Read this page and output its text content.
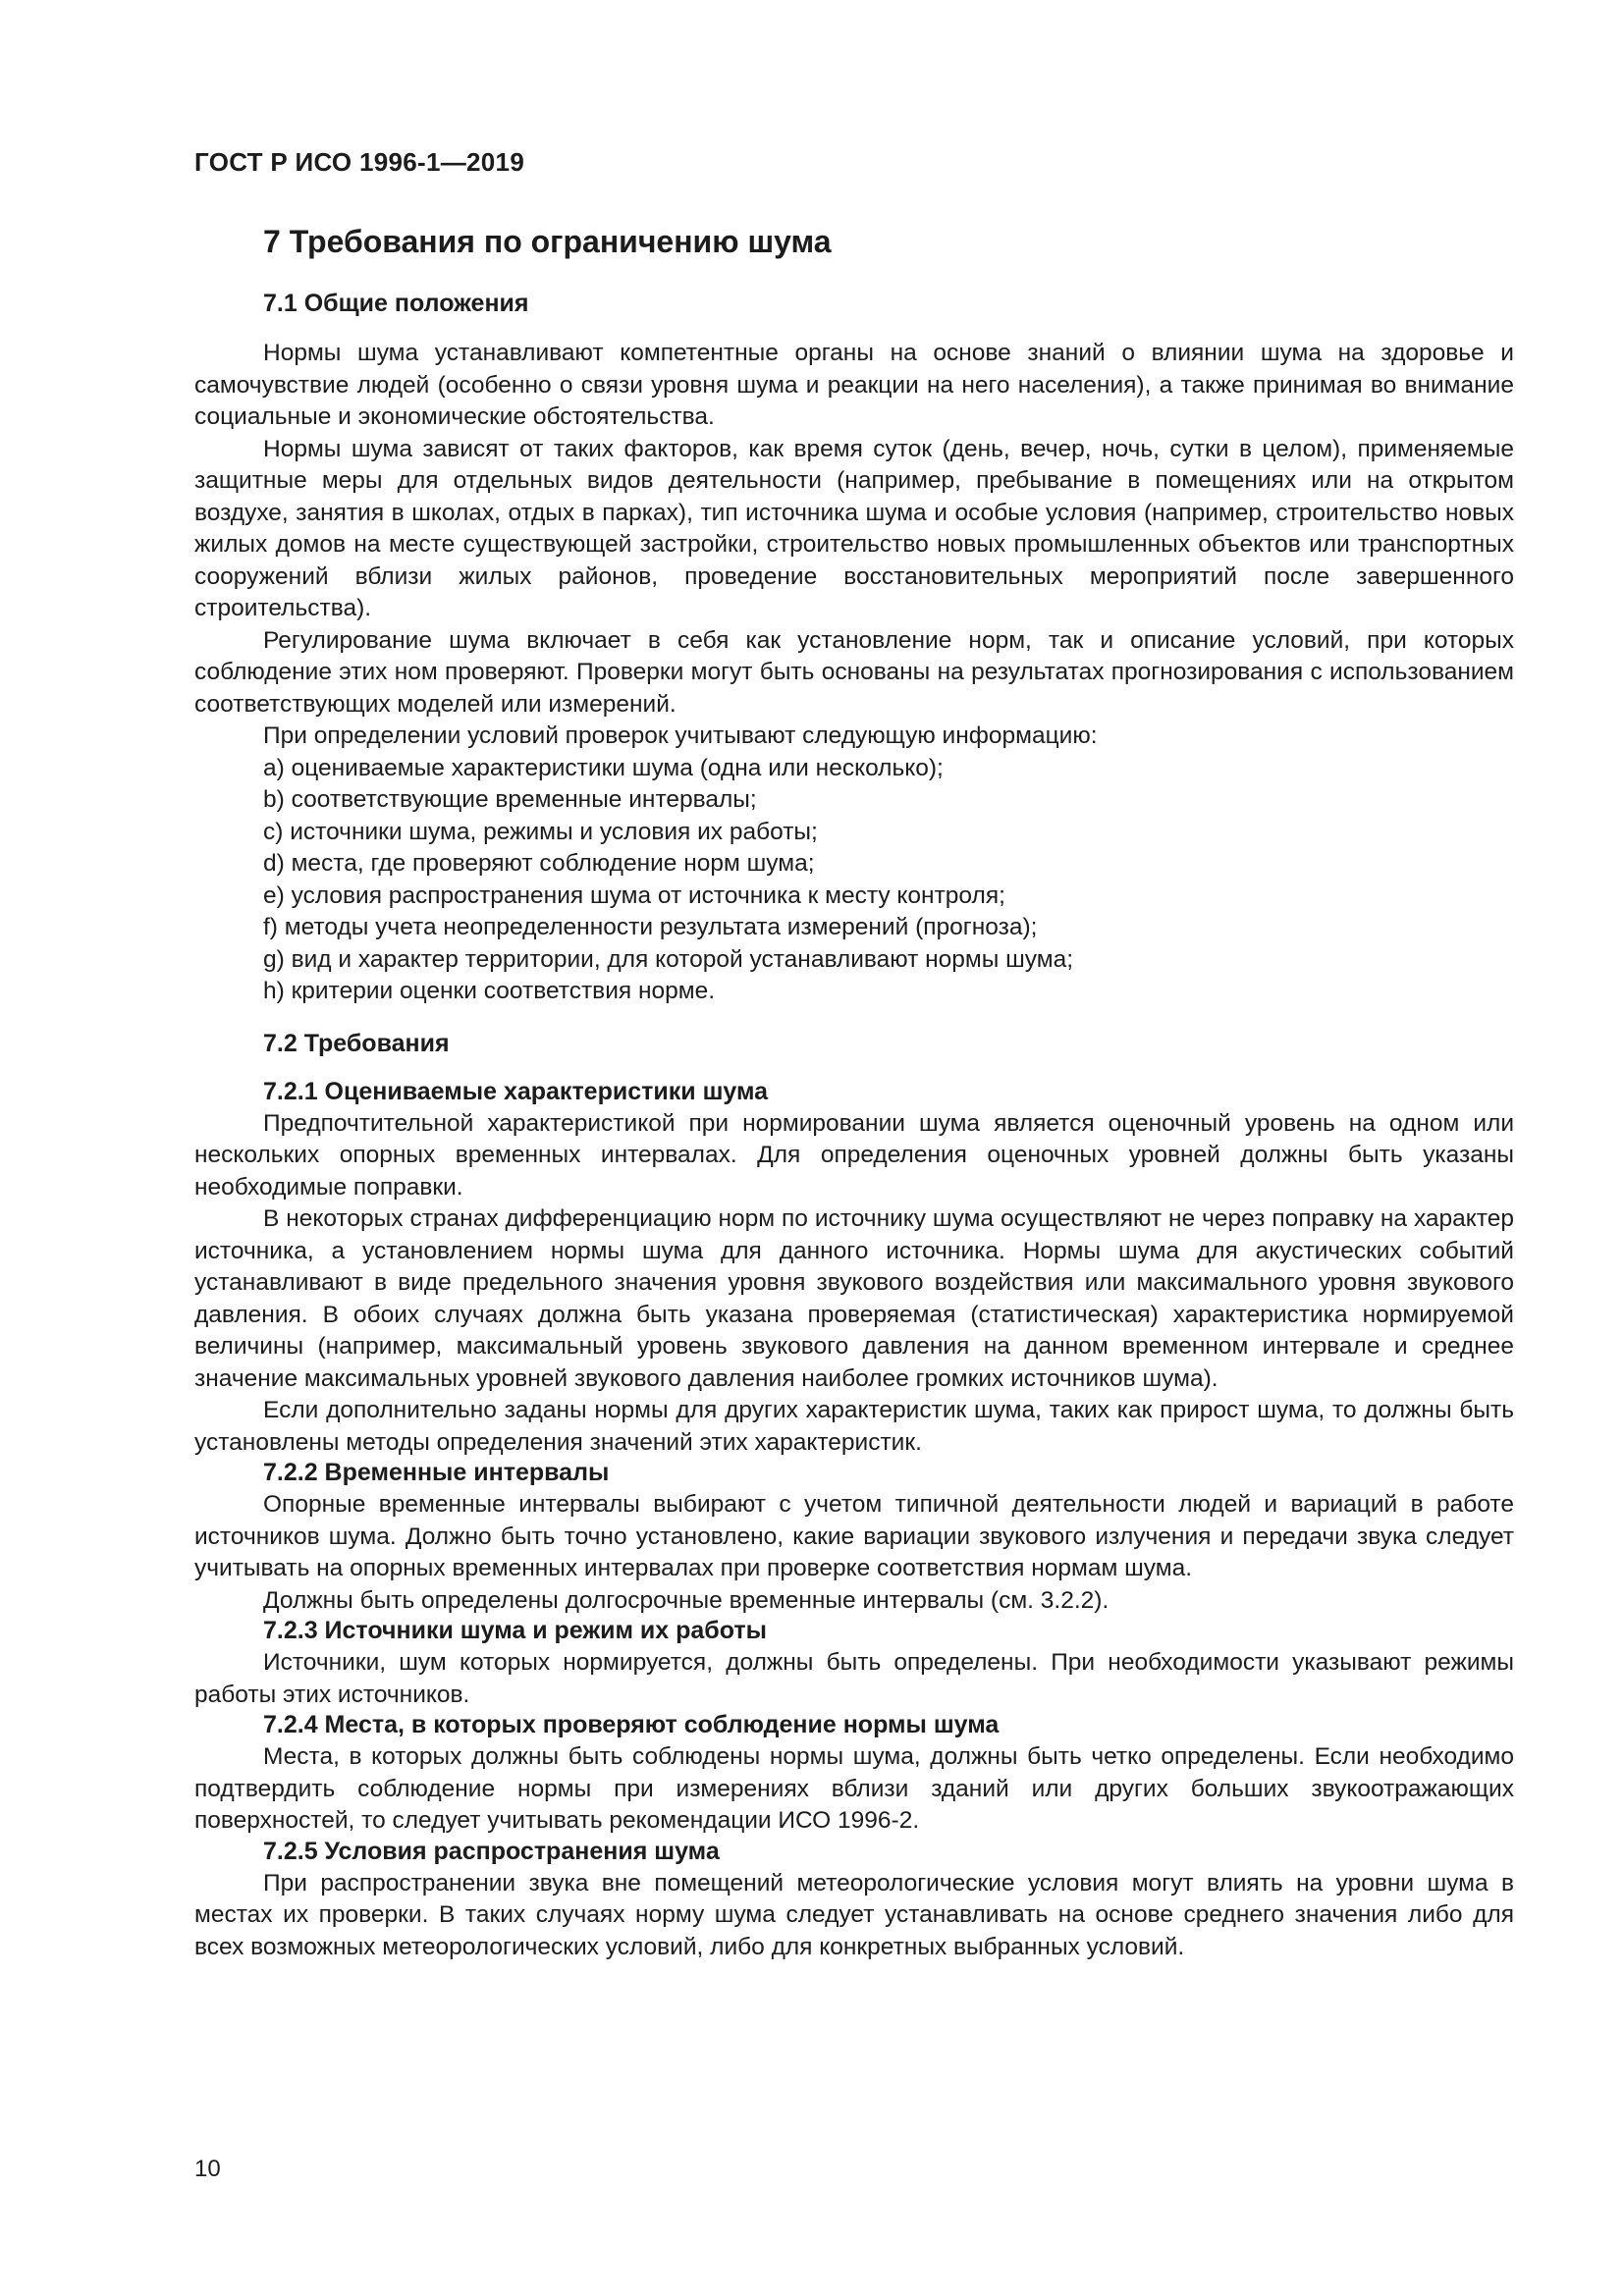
ГОСТ Р ИСО 1996-1—2019
7 Требования по ограничению шума
7.1 Общие положения

Нормы шума устанавливают компетентные органы на основе знаний о влиянии шума на здоровье и самочувствие людей (особенно о связи уровня шума и реакции на него населения), а также принимая во внимание социальные и экономические обстоятельства.

Нормы шума зависят от таких факторов, как время суток (день, вечер, ночь, сутки в целом), применяемые защитные меры для отдельных видов деятельности (например, пребывание в помещениях или на открытом воздухе, занятия в школах, отдых в парках), тип источника шума и особые условия (например, строительство новых жилых домов на месте существующей застройки, строительство новых промышленных объектов или транспортных сооружений вблизи жилых районов, проведение восстановительных мероприятий после завершенного строительства).

Регулирование шума включает в себя как установление норм, так и описание условий, при которых соблюдение этих ном проверяют. Проверки могут быть основаны на результатах прогнозирования с использованием соответствующих моделей или измерений.

При определении условий проверок учитывают следующую информацию:

a) оцениваемые характеристики шума (одна или несколько);
b) соответствующие временные интервалы;
c) источники шума, режимы и условия их работы;
d) места, где проверяют соблюдение норм шума;
e) условия распространения шума от источника к месту контроля;
f) методы учета неопределенности результата измерений (прогноза);
g) вид и характер территории, для которой устанавливают нормы шума;
h) критерии оценки соответствия норме.
7.2 Требования
7.2.1 Оцениваемые характеристики шума

Предпочтительной характеристикой при нормировании шума является оценочный уровень на одном или нескольких опорных временных интервалах. Для определения оценочных уровней должны быть указаны необходимые поправки.

В некоторых странах дифференциацию норм по источнику шума осуществляют не через поправку на характер источника, а установлением нормы шума для данного источника. Нормы шума для акустических событий устанавливают в виде предельного значения уровня звукового воздействия или максимального уровня звукового давления. В обоих случаях должна быть указана проверяемая (статистическая) характеристика нормируемой величины (например, максимальный уровень звукового давления на данном временном интервале и среднее значение максимальных уровней звукового давления наиболее громких источников шума).

Если дополнительно заданы нормы для других характеристик шума, таких как прирост шума, то должны быть установлены методы определения значений этих характеристик.

7.2.2 Временные интервалы

Опорные временные интервалы выбирают с учетом типичной деятельности людей и вариаций в работе источников шума. Должно быть точно установлено, какие вариации звукового излучения и передачи звука следует учитывать на опорных временных интервалах при проверке соответствия нормам шума.

Должны быть определены долгосрочные временные интервалы (см. 3.2.2).

7.2.3 Источники шума и режим их работы

Источники, шум которых нормируется, должны быть определены. При необходимости указывают режимы работы этих источников.

7.2.4 Места, в которых проверяют соблюдение нормы шума

Места, в которых должны быть соблюдены нормы шума, должны быть четко определены. Если необходимо подтвердить соблюдение нормы при измерениях вблизи зданий или других больших звукоотражающих поверхностей, то следует учитывать рекомендации ИСО 1996-2.

7.2.5 Условия распространения шума

При распространении звука вне помещений метеорологические условия могут влиять на уровни шума в местах их проверки. В таких случаях норму шума следует устанавливать на основе среднего значения либо для всех возможных метеорологических условий, либо для конкретных выбранных условий.

10
